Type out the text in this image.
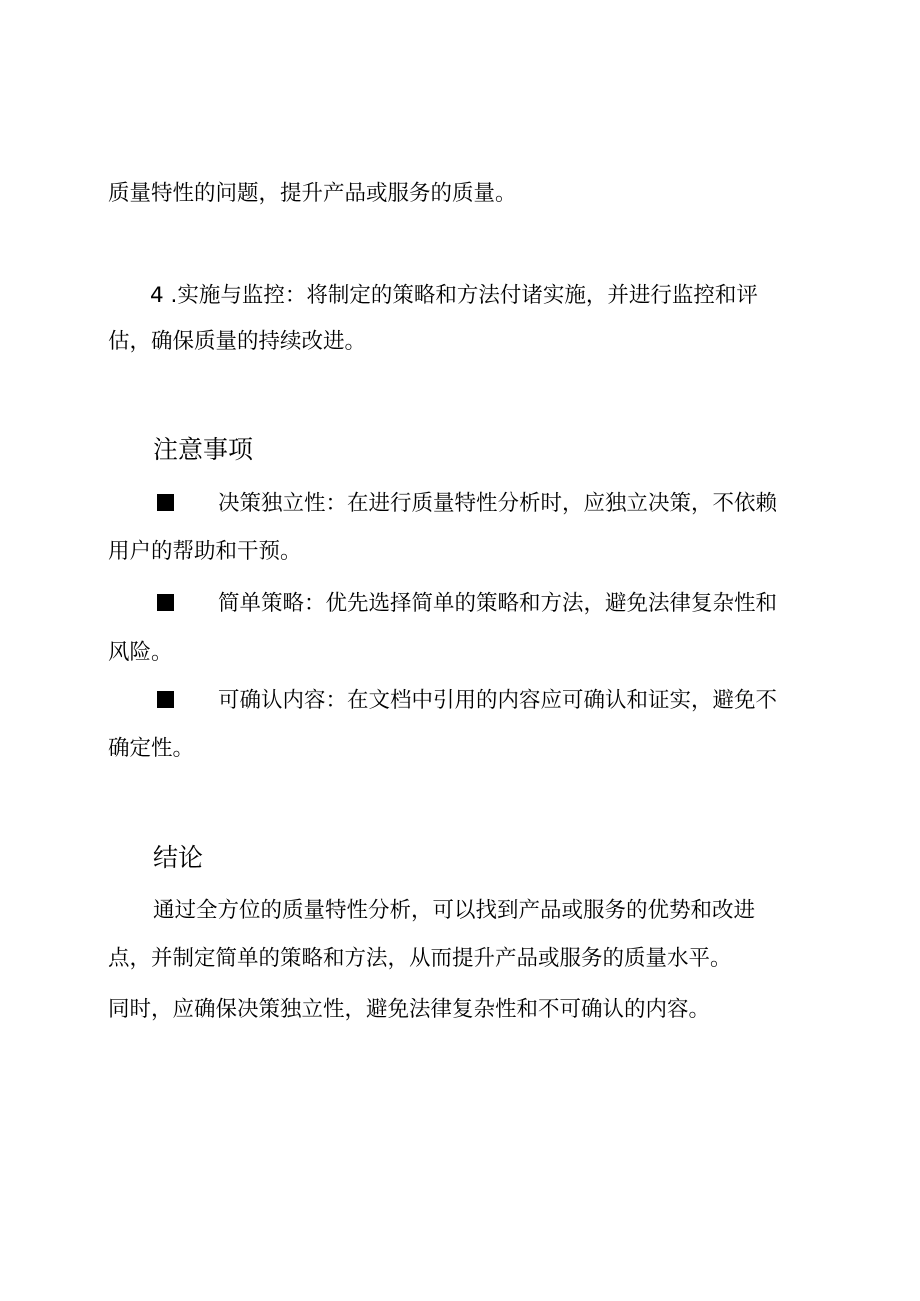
质量特性的问题，提升产品或服务的质量。
4 .实施与监控：将制定的策略和方法付诸实施，并进行监控和评
估，确保质量的持续改进。
注意事项
决策独立性：在进行质量特性分析时，应独立决策，不依赖
用户的帮助和干预。
简单策略：优先选择简单的策略和方法，避免法律复杂性和
风险。
可确认内容：在文档中引用的内容应可确认和证实，避免不
确定性。
结论
通过全方位的质量特性分析，可以找到产品或服务的优势和改进
点，并制定简单的策略和方法，从而提升产品或服务的质量水平。
同时，应确保决策独立性，避免法律复杂性和不可确认的内容。
